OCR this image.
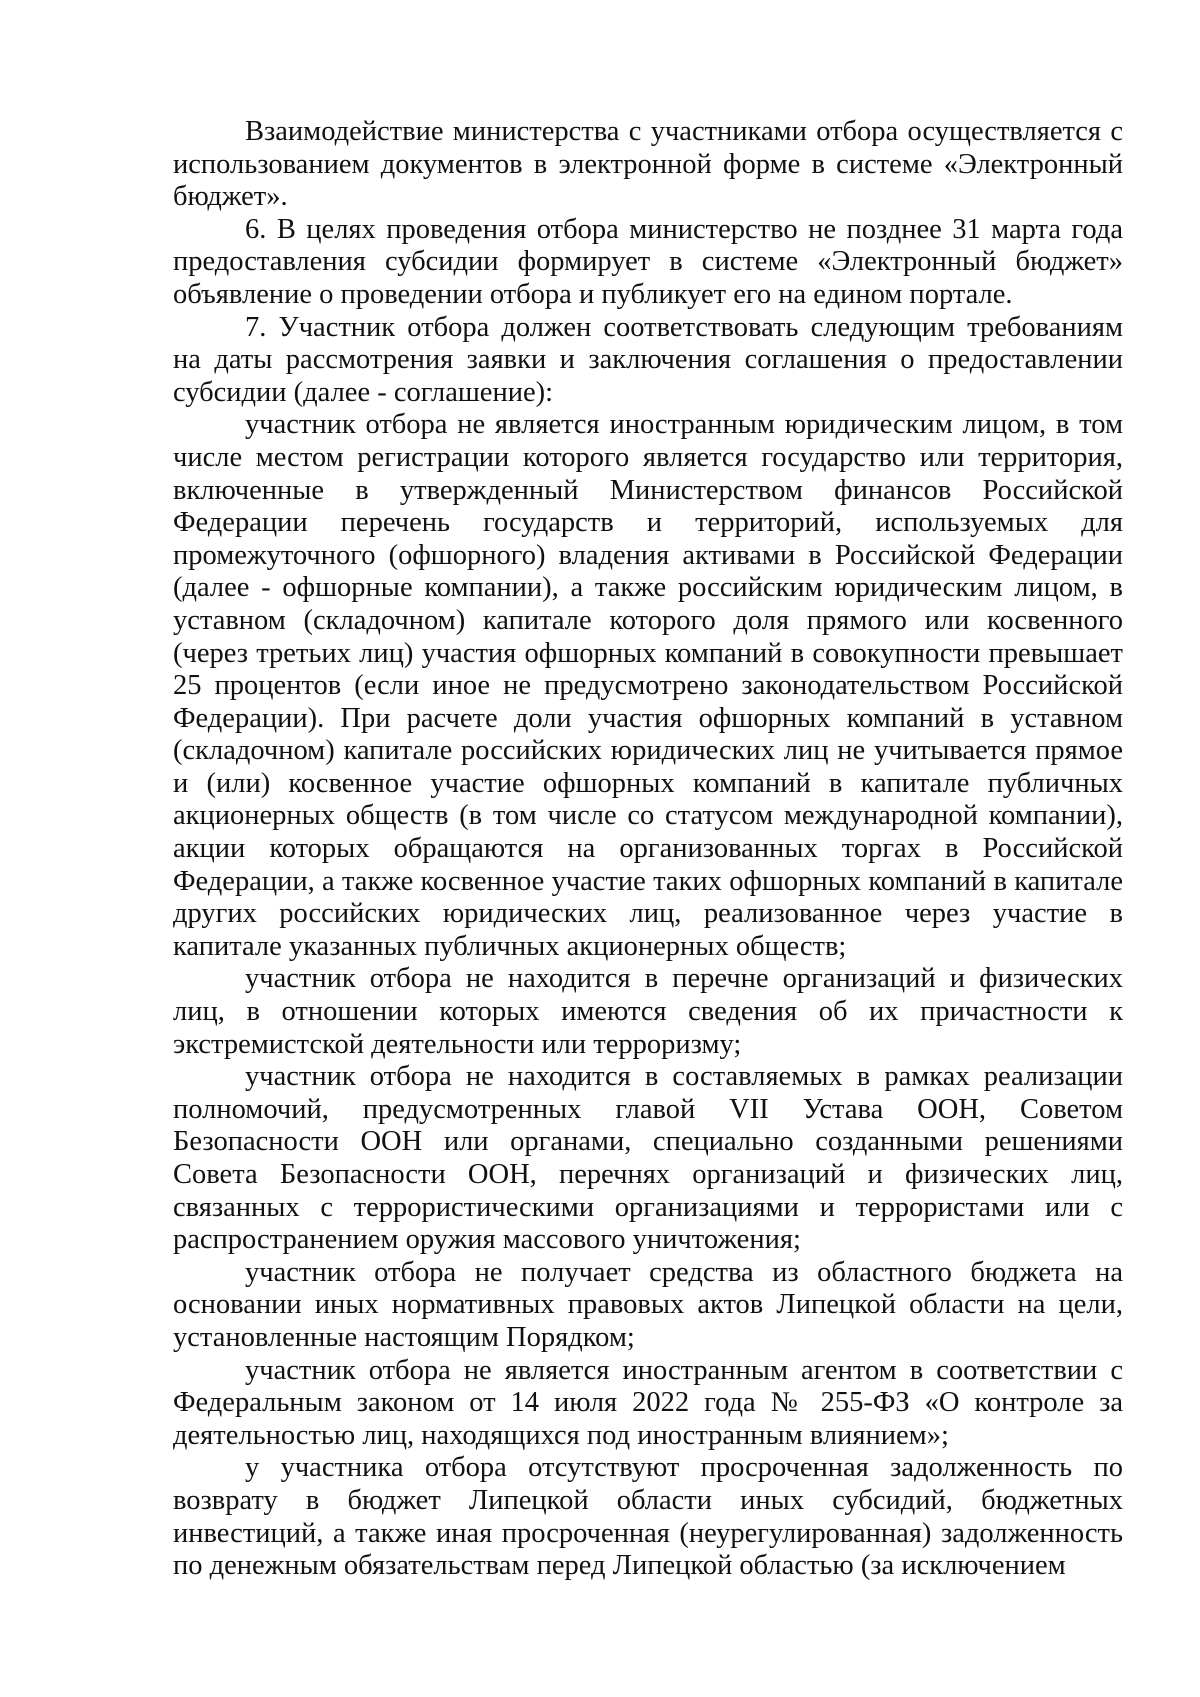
Взаимодействие министерства с участниками отбора осуществляется с использованием документов в электронной форме в системе «Электронный бюджет».

6. В целях проведения отбора министерство не позднее 31 марта года предоставления субсидии формирует в системе «Электронный бюджет» объявление о проведении отбора и публикует его на едином портале.

7. Участник отбора должен соответствовать следующим требованиям на даты рассмотрения заявки и заключения соглашения о предоставлении субсидии (далее - соглашение):

участник отбора не является иностранным юридическим лицом, в том числе местом регистрации которого является государство или территория, включенные в утвержденный Министерством финансов Российской Федерации перечень государств и территорий, используемых для промежуточного (офшорного) владения активами в Российской Федерации (далее - офшорные компании), а также российским юридическим лицом, в уставном (складочном) капитале которого доля прямого или косвенного (через третьих лиц) участия офшорных компаний в совокупности превышает 25 процентов (если иное не предусмотрено законодательством Российской Федерации). При расчете доли участия офшорных компаний в уставном (складочном) капитале российских юридических лиц не учитывается прямое и (или) косвенное участие офшорных компаний в капитале публичных акционерных обществ (в том числе со статусом международной компании), акции которых обращаются на организованных торгах в Российской Федерации, а также косвенное участие таких офшорных компаний в капитале других российских юридических лиц, реализованное через участие в капитале указанных публичных акционерных обществ;

участник отбора не находится в перечне организаций и физических лиц, в отношении которых имеются сведения об их причастности к экстремистской деятельности или терроризму;

участник отбора не находится в составляемых в рамках реализации полномочий, предусмотренных главой VII Устава ООН, Советом Безопасности ООН или органами, специально созданными решениями Совета Безопасности ООН, перечнях организаций и физических лиц, связанных с террористическими организациями и террористами или с распространением оружия массового уничтожения;

участник отбора не получает средства из областного бюджета на основании иных нормативных правовых актов Липецкой области на цели, установленные настоящим Порядком;

участник отбора не является иностранным агентом в соответствии с Федеральным законом от 14 июля 2022 года № 255-ФЗ «О контроле за деятельностью лиц, находящихся под иностранным влиянием»;

у участника отбора отсутствуют просроченная задолженность по возврату в бюджет Липецкой области иных субсидий, бюджетных инвестиций, а также иная просроченная (неурегулированная) задолженность по денежным обязательствам перед Липецкой областью (за исключением
